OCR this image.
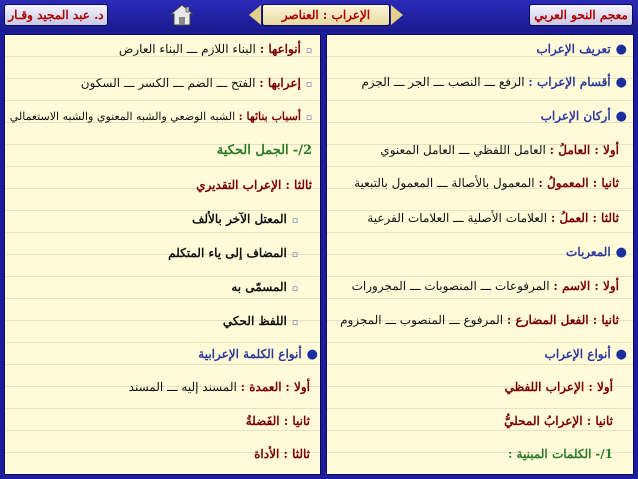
د. عبد المجيد وقـار	الإعراب : العناصر	معجم النحو العربي
●تعريف الإعراب
●أقسام الإعراب : الرفع ـــ النصب ـــ الجر ـــ الجزم
●أركان الإعراب
أولا : العاملُ : العامل اللفظي ـــ العامل المعنوي
ثانيا : المعمولُ : المعمول بالأصالة ـــ المعمول بالتبعية
ثالثا : العملُ : العلامات الأصلية ـــ العلامات الفرعية
●المعربات
أولا : الاسم : المرفوعات ـــ المنصوبات ـــ المجرورات
ثانيا : الفعل المضارع : المرفوع ـــ المنصوب ـــ المجزوم
●أنواع الإعراب
أولا : الإعراب اللفظي
ثانيا : الإعرابُ المحليُّ
1/- الكلمات المبنية :
▫أنواعها : البناء اللازم ـــ البناء العارض
▫إعرابها : الفتح ـــ الضم ـــ الكسر ـــ السكون
▫أسباب بنائها : الشبه الوضعي والشبه المعنوي والشبه الاستعمالي
2/- الجمل الحكية
ثالثا : الإعراب التقديري
▫المعتل الآخر بالألف
▫المضاف إلى ياء المتكلم
▫المسمّى به
▫اللفظ الحكي
●أنواع الكلمة الإعرابية
أولا : العمدة : المسند إليه ـــ المسند
ثانيا : الفَضلةُ
ثالثا : الأداة
